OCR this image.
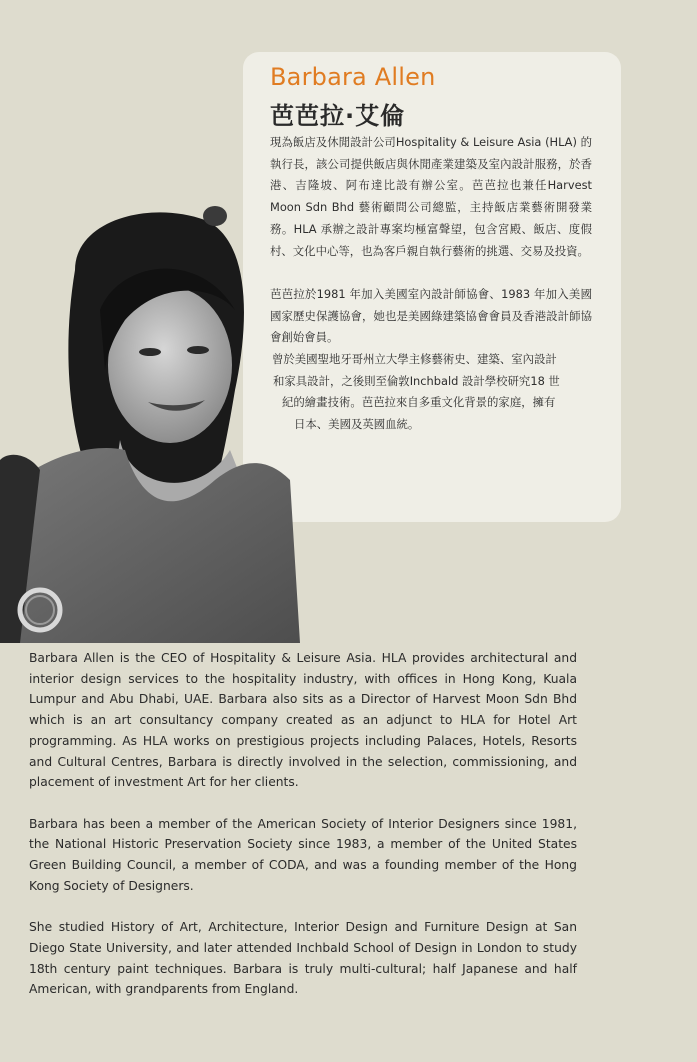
Barbara Allen
芭芭拉·艾倫

現為飯店及休閒設計公司Hospitality & Leisure Asia (HLA) 的執行長，該公司提供飯店與休閒產業建築及室內設計服務，於香港、吉隆坡、阿布達比設有辦公室。芭芭拉也兼任Harvest Moon Sdn Bhd 藝術顧問公司總監，主持飯店業藝術開發業務。HLA 承辦之設計專案均極富聲望，包含宮殿、飯店、度假村、文化中心等，也為客戶親自執行藝術的挑選、交易及投資。

芭芭拉於1981 年加入美國室內設計師協會、1983 年加入美國國家歷史保護協會，她也是美國綠建築協會會員及香港設計師協會創始會員。

曾於美國聖地牙哥州立大學主修藝術史、建築、室內設計
和家具設計，之後則至倫敦Inchbald 設計學校研究18 世
紀的繪畫技術。芭芭拉來自多重文化背景的家庭，擁有
日本、美國及英國血統。

Barbara Allen is the CEO of Hospitality & Leisure Asia. HLA provides architectural and interior design services to the hospitality industry, with offices in Hong Kong, Kuala Lumpur and Abu Dhabi, UAE. Barbara also sits as a Director of Harvest Moon Sdn Bhd which is an art consultancy company created as an adjunct to HLA for Hotel Art programming. As HLA works on prestigious projects including Palaces, Hotels, Resorts and Cultural Centres, Barbara is directly involved in the selection, commissioning, and placement of investment Art for her clients.

Barbara has been a member of the American Society of Interior Designers since 1981, the National Historic Preservation Society since 1983, a member of the United States Green Building Council, a member of CODA, and was a founding member of the Hong Kong Society of Designers.

She studied History of Art, Architecture, Interior Design and Furniture Design at San Diego State University, and later attended Inchbald School of Design in London to study 18th century paint techniques. Barbara is truly multi-cultural; half Japanese and half American, with grandparents from England.
